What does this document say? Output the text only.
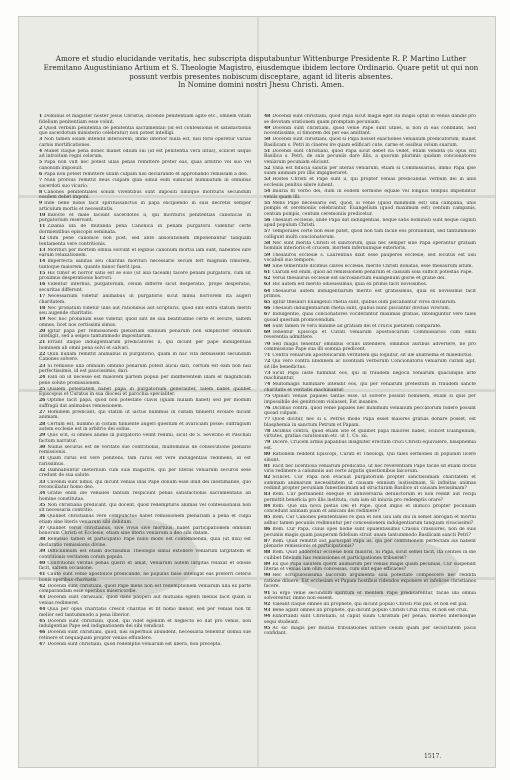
Amore et studio elucidande veritatis, hec subscripta disputabuntur Wittenburge Presidente R. P. Martino Luther Eremitano Augustiniano Artium et S. Theologie Magistro, eiusdemque ibidem lectore Ordinario. Quare petit ut qui non possunt verbis presentes nobiscum disceptare, agant id literis absentes.
In Nomine domini nostri Jhesu Christi. Amen.

1 Dominus et magister noster Jesus Christus, dicendo penitentiam agite etc., omnem vitam fidelium penitentiam esse voluit.

2 Quod verbum penitentia de penitentia sacramentali (id est confessionis et satisfactionis que sacerdotum ministerio celebratur) non potest intelligi.

3 Non tamen solam intendit interiorem; immo interior nulla est, nisi foris operetur varias carnis mortificationes.

4 Manet itaque pena donec manet odium sui (id est penitentia vera intus), scilicet usque ad introitum regni celorum.

5 Papa non vult nec potest ullas penas remittere preter eas, quas arbitrio vel suo vel canonum imposuit.

6 Papa non potest remittere ullam culpam nisi declarando et approbando remissam a deo.

7 Nulli prorsus remittit deus culpam quin simul eum subiiciat humiliatum in omnibus sacerdoti suo vicario.

8 Canones penitentiales solum viventibus sunt impositi nihilque morituris secundum eosdem debet imponi.

9 Inde bene nobis facit spiritussanctus in papa excipiendo in suis decretis semper articulum mortis et necessitatis.

10 Indocte et male faciunt sacerdotes ii, qui morituris penitentias canonicas in purgatorium reservant.

11 Zizania illa de mutanda pena Canonica in penam purgatorii videntur certe dormientibus episcopis seminata.

12 Olim pene canonice non post, sed ante absolutionem imponebantur tanquam tentamenta vere contritionis.

13 Morituri per mortem omnia solvunt et legibus canonum mortui iam sunt, habentes iure earum relaxationem.

14 Imperfecta sanitas seu charitas morituri necessario secum fert magnum timorem, tantoque maiorem, quanto minor fuerit ipsa.

15 Hic timor et horror satis est se solo (ut alia taceam) facere penam purgatorii, cum sit proximus desperationis horrori.

16 Videntur infernus, purgatorium, celum differre sicut desperatio, prope desperatio, securitas differunt.

17 Necessarium videtur animabus in purgatorio sicut minui horrorem ita augeri charitatem.

18 Nec probatum videtur ullis aut rationibus aut scripturis, quod sint extra statum meriti seu augende charitatis.

19 Nec hoc probatum esse videtur, quod sint de sua beatitudine certe et secure, saltem omnes, licet nos certissimi simus.

20 Igitur papa per remissionem plenariam omnium penarum non simpliciter omnium intelligit, sed a seipso tantummodo impositarum.

21 Errant itaque indulgentiarum predicatores ii, qui dicunt per pape indulgentias hominem ab omni pena solvi et salvari.

22 Quin nullam remittit animabus in purgatorio, quam in hac vita debuissent secundum Canones solvere.

23 Si remissio ulla omnium omnino penarum potest alicui dari, certum est eam non nisi perfectissimis, id est paucissimis, dari.

24 Falli ob id necesse est maiorem partem populi per indifferentem illam et magnificam pene solute promissionem.

25 Qualem potestatem habet papa in purgatorium generaliter, talem habet quilibet Episcopus et Curatus in sua diocesi et parochia specialiter.

26 Optime facit papa, quod non potestate clavis (quam nullam habet) sed per modum suffragii dat animabus remissionem.

27 Hominem predicant, qui statim ut iactus nummus in cistam tinnierit evolare dicunt animam.

28 Certum est, nummo in cistam tinniente augeri questum et avariciam posse: suffragium autem ecclesie est in arbitrio dei solius.

29 Quis scit, si omnes anime in purgatorio velint redimi, sicut de S. Severino et Paschali factum narratur.

30 Nullus securus est de veritate sue contritionis, multominus de consecutione plenarie remissionis.

31 Quam rarus est vere penitens, tam rarus est vere indulgentias redimens, id est rarissimus.

32 Damnabuntur ineternum cum suis magistris, qui per literas veniarum securos sese credunt de sua salute.

33 Cavendi sunt nimis, qui dicunt venias illas Pape donum esse illud dei inestimabile, quo reconciliatur homo deo.

34 Gratie enim ille veniales tantum respiciunt penas satisfactionis sacramentalis ab homine constitutas.

35 Non christiana predicant, qui docent, quod redempturis animas vel confessionalia non sit necessaria contritio.

36 Quilibet christianus vere compunctus habet remissionem plenariam a pena et culpa etiam sine literis veniarum sibi debitam.

37 Quilibet verus christianus, sive vivus sive mortuus, habet participationem omnium bonorum Christi et Ecclesie, etiam sine literis veniarum a deo sibi datam.

38 Remissio tamen et participatio Pape nullo modo est contemnenda, quia (ut dixi) est declaratio remissionis divine.

39 Difficillimum est etiam doctissimis Theologis simul extollere veniarum largitatem et contritionis veritatem coram populo.

40 Contritionis veritas penas querit et amat, Veniarum autem largitas relaxat et odisse facit, saltem occasione.

41 Caute sunt venie apostolice predicande, ne populus false intelligat eas preferri ceteris bonis operibus charitatis.

42 Docendi sunt christiani, quod Pape mens non est redemptionem veniarum ulla ex parte comparandam esse operibus misericordie.

43 Docendi sunt christiani, quod dans pauperi aut mutuans egenti melius facit quam si venias redimeret.

44 Quia per opus charitatis crescit charitas et fit homo melior, sed per venias non fit melior sed tantummodo a pena liberior.

45 Docendi sunt christiani, quod, qui videt egenum et neglecto eo dat pro veniis, non indulgentias Pape sed indignationem dei sibi vendicat.

46 Docendi sunt christiani, quod, nisi superfluis abundent, necessaria tenentur domui sue retinere et nequaquam propter venias effundere.

47 Docendi sunt christiani, quod redemptio veniarum est libera, non precepta.

48 Docendi sunt christiani, quod Papa sicut magis eget ita magis optat in veniis dandis pro se devotam orationem quam promptam pecuniam.

49 Docendi sunt christiani, quod venie Pape sunt utiles, si non in eas confidant, Sed nocentissime, si timorem dei per eas amittant.

50 Docendi sunt christiani, quod si Papa nosset exactiones venialium predicatorum, mallet Basilicam s. Petri in cineres ire quam edificari cute, carne et ossibus ovium suarum.

51 Docendi sunt christiani, quod Papa sicut debet ita vellet, etiam vendita (si opus sit) Basilica s. Petri, de suis pecuniis dare illis, a quorum plurimis quidam concionatores veniarum pecuniam eliciunt.

52 Vana est fiducia salutis per literas veniarum, etiam si Commissarius, immo Papa ipse suam animam pro illis impigneraret.

53 Hostes Christi et Pape sunt ii, qui propter venias predicandas verbum dei in aliis ecclesiis penitus silere iubent.

54 Iniuria fit verbo dei, dum in eodem sermone equale vel longius tempus impenditur veniis quam illi.

55 Mens Pape necessario est, quod, si venie (quod minimum est) una campana, unis pompis et ceremoniis celebrantur, Euangelium (quod maximum est) centum campanis, centum pompis, centum ceremoniis predicetur.

56 Thesauri ecclesie, unde Papa dat indulgentias, neque satis nominati sunt neque cogniti apud populum Christi.

57 Temporales certe non esse patet, quod non tam facile eos profundunt, sed tantummodo colligunt multi concionatorum.

58 Nec sunt merita Christi et sanctorum, quia hec semper sine Papa operantur gratiam hominis interioris et crucem, mortem infernumque exterioris.

59 Thesauros ecclesie s. Laurentius dixit esse pauperes ecclesie, sed locutus est usu vocabuli suo tempore.

60 Sine temeritate dicimus claves ecclesie, merito Christi donatas, esse thesaurum istum.

61 Clarum est enim, quod ad remissionem penarum et casuum sola sufficit potestas Pape.

62 Verus thesaurus ecclesie est sacrosanctum euangelium glorie et gratie dei.

63 Hic autem est merito odiosissimus, quia ex primis facit novissimos.

64 Thesaurus autem indulgentiarum merito est gratissimus, quia ex novissimis facit primos.

65 Igitur thesauri Euangelici rhetia sunt, quibus olim piscabantur viros divitiarum.

66 Thesauri indulgentiarum rhetia sunt, quibus nunc piscantur divitias virorum.

67 Indulgentie, quas concionatores vociferantur maximas gratias, intelliguntur vere tales quoad questum promovendum.

68 Sunt tamen re vera minime ad gratiam dei et crucis pietatem comparate.

69 Tenentur Episcopi et Curati veniarum apostolicarum Commissarios cum omni reverentia admittere.

70 Sed magis tenentur omnibus oculis intendere, omnibus auribus advertere, ne pro commissione Pape sua illi somnia predicent.

71 Contra veniarum apostolicarum veritatem qui loquitur, sit ille anathema et maledictus.

72 Qui vero contra libidinem ac licentiam verborum Concionatoris veniarum curam agit, sit ille benedictus.

73 Sicut Papa iuste fulminat eos, qui in fraudem negocii veniarum quacunque arte machinantur,

74 Multomagis fulminare intendit eos, qui per veniarum pretextum in fraudem sancte charitatis et veritatis machinantur.

75 Opinari venias papales tantas esse, ut solvere possint hominem, etiam si quis per impossibile dei genitricem violasset, Est insanire.

76 Dicimus contra, quod venie papales nec minimum venialium peccatorum tollere possint quoad culpam.

77 Quod dicitur, nec si s. Petrus modo Papa esset maiores gratias donare posset, est blasphemia in sanctum Petrum et Papam.

78 Dicimus contra, quod etiam iste et quilibet papa maiores habet, scilicet Euangelium, virtutes, gratias curationum etc. ut 1. Co. xii.

79 Dicere, Crucem armis papalibus insigniter erectam cruci Christi equivalere, blasphemia est.

80 Rationem reddent Episcopi, Curati et Theologi, Qui tales sermones in populum licere sinunt.

81 Facit hec licentiosa veniarum predicatio, ut nec reverentiam Pape facile sit etiam doctis viris redimere a calumniis aut certe argutis questionibus laicorum.

82 Scilicet. Cur Papa non evacuat purgatorium propter sanctissimam charitatem et summam animarum necessitatem ut causam omnium iustissimam, Si infinitas animas redimit propter pecuniam funestissimam ad structuram Basilice ut causam levissimam?

83 Item. Cur permanent exequie et anniversaria defunctorum et non reddit aut recipi permittit beneficia pro illis instituta, cum iam sit iniuria pro redemptis orare?

84 Item. Que illa nova pietas Dei et Pape, quod impio et inimico propter pecuniam concedunt animam piam et amicam dei redimere?

85 Item. Cur Canones penitentiales re ipsa et non usu iam diu in semet abrogati et mortui adhuc tamen pecuniis redimuntur per concessionem indulgentiarum tanquam vivacissimi?

86 Item. Cur Papa, cuius opes hodie sunt opulentissimis Crassis crassiores, non de suis pecuniis magis quam pauperum fidelium struit unam tantummodo Basilicam sancti Petri?

87 Item. Quid remittit aut participat Papa iis, qui per contritionem perfectam ius habent plenarie remissionis et participationis?

88 Item. Quid adderetur ecclesie boni maioris, Si Papa, sicut semel facit, ita centies in die cuilibet fidelium has remissiones et participationes tribueret?

89 Ex quo Papa salutem querit animarum per venias magis quam pecunias, Cur suspendit literas et venias iam olim concessas, cum sint eque efficaces?

90 Hec scrupulosissima laicorum argumenta sola potestate compescere nec reddita ratione diluere, Est ecclesiam et Papam hostibus ridendos exponere et infelices christianos facere.

91 Si ergo venie secundum spiritum et mentem Pape predicarentur, facile illa omnia solverentur, immo non essent.

92 Valeant itaque omnes illi prophete, qui dicunt populo Christi Pax pax, et non est pax.

93 Bene agant omnes illi prophete, qui dicunt populo Christi Crux crux, et non est crux.

94 Exhortandi sunt Christiani, ut caput suum Christum per penas, mortes infernosque sequi studeant.

95 Ac sic magis per multas tribulationes intrare celum quam per securitatem pacis confidant.

1517.
